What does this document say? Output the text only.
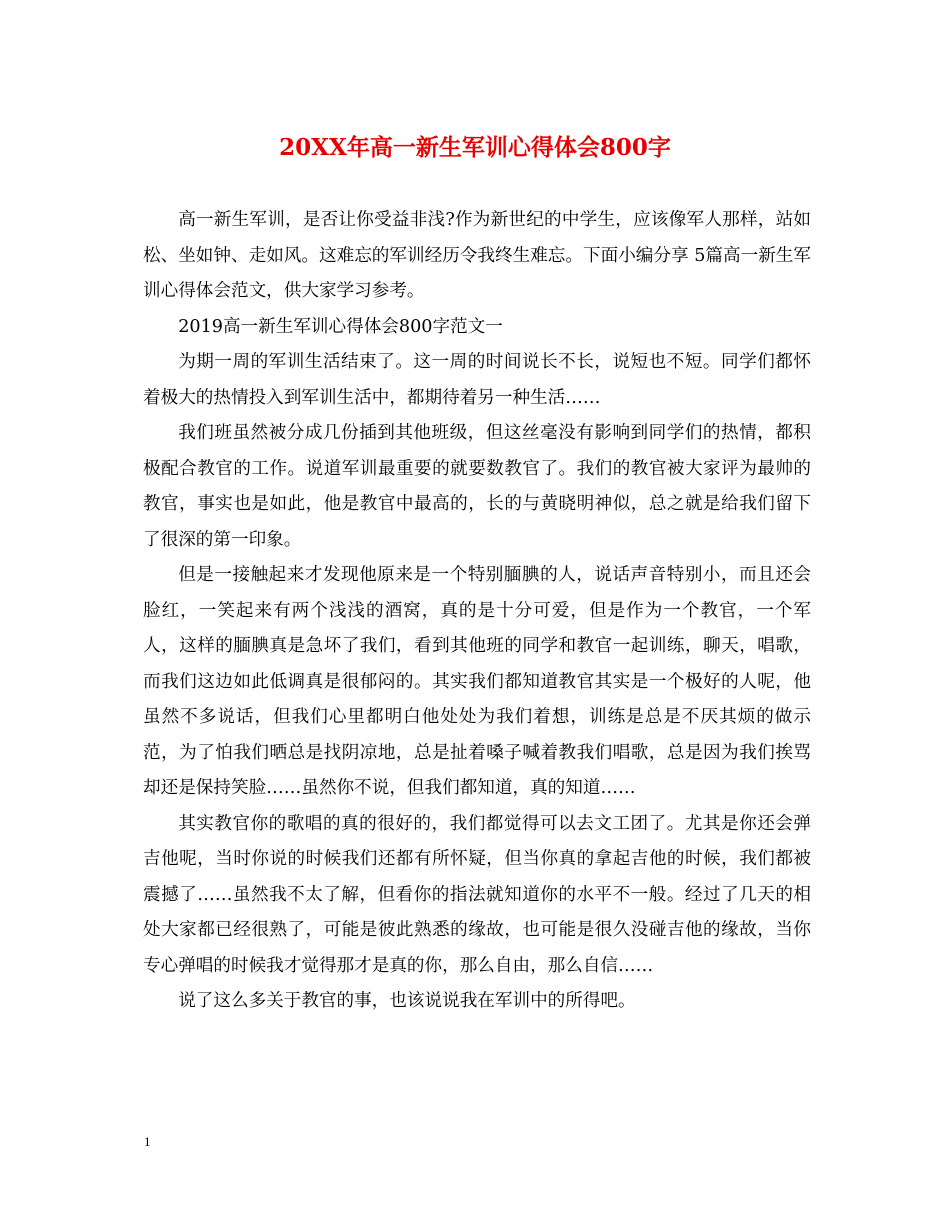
20XX年高一新生军训心得体会800字

高一新生军训，是否让你受益非浅?作为新世纪的中学生，应该像军人那样，站如松、坐如钟、走如风。这难忘的军训经历令我终生难忘。下面小编分享 5篇高一新生军训心得体会范文，供大家学习参考。

2019高一新生军训心得体会800字范文一

为期一周的军训生活结束了。这一周的时间说长不长，说短也不短。同学们都怀着极大的热情投入到军训生活中，都期待着另一种生活……

我们班虽然被分成几份插到其他班级，但这丝毫没有影响到同学们的热情，都积极配合教官的工作。说道军训最重要的就要数教官了。我们的教官被大家评为最帅的教官，事实也是如此，他是教官中最高的，长的与黄晓明神似，总之就是给我们留下了很深的第一印象。

但是一接触起来才发现他原来是一个特别腼腆的人，说话声音特别小，而且还会脸红，一笑起来有两个浅浅的酒窝，真的是十分可爱，但是作为一个教官，一个军人，这样的腼腆真是急坏了我们，看到其他班的同学和教官一起训练，聊天，唱歌，而我们这边如此低调真是很郁闷的。其实我们都知道教官其实是一个极好的人呢，他虽然不多说话，但我们心里都明白他处处为我们着想，训练是总是不厌其烦的做示范，为了怕我们晒总是找阴凉地，总是扯着嗓子喊着教我们唱歌，总是因为我们挨骂却还是保持笑脸……虽然你不说，但我们都知道，真的知道……

其实教官你的歌唱的真的很好的，我们都觉得可以去文工团了。尤其是你还会弹吉他呢，当时你说的时候我们还都有所怀疑，但当你真的拿起吉他的时候，我们都被震撼了……虽然我不太了解，但看你的指法就知道你的水平不一般。经过了几天的相处大家都已经很熟了，可能是彼此熟悉的缘故，也可能是很久没碰吉他的缘故，当你专心弹唱的时候我才觉得那才是真的你，那么自由，那么自信……

说了这么多关于教官的事，也该说说我在军训中的所得吧。

1
